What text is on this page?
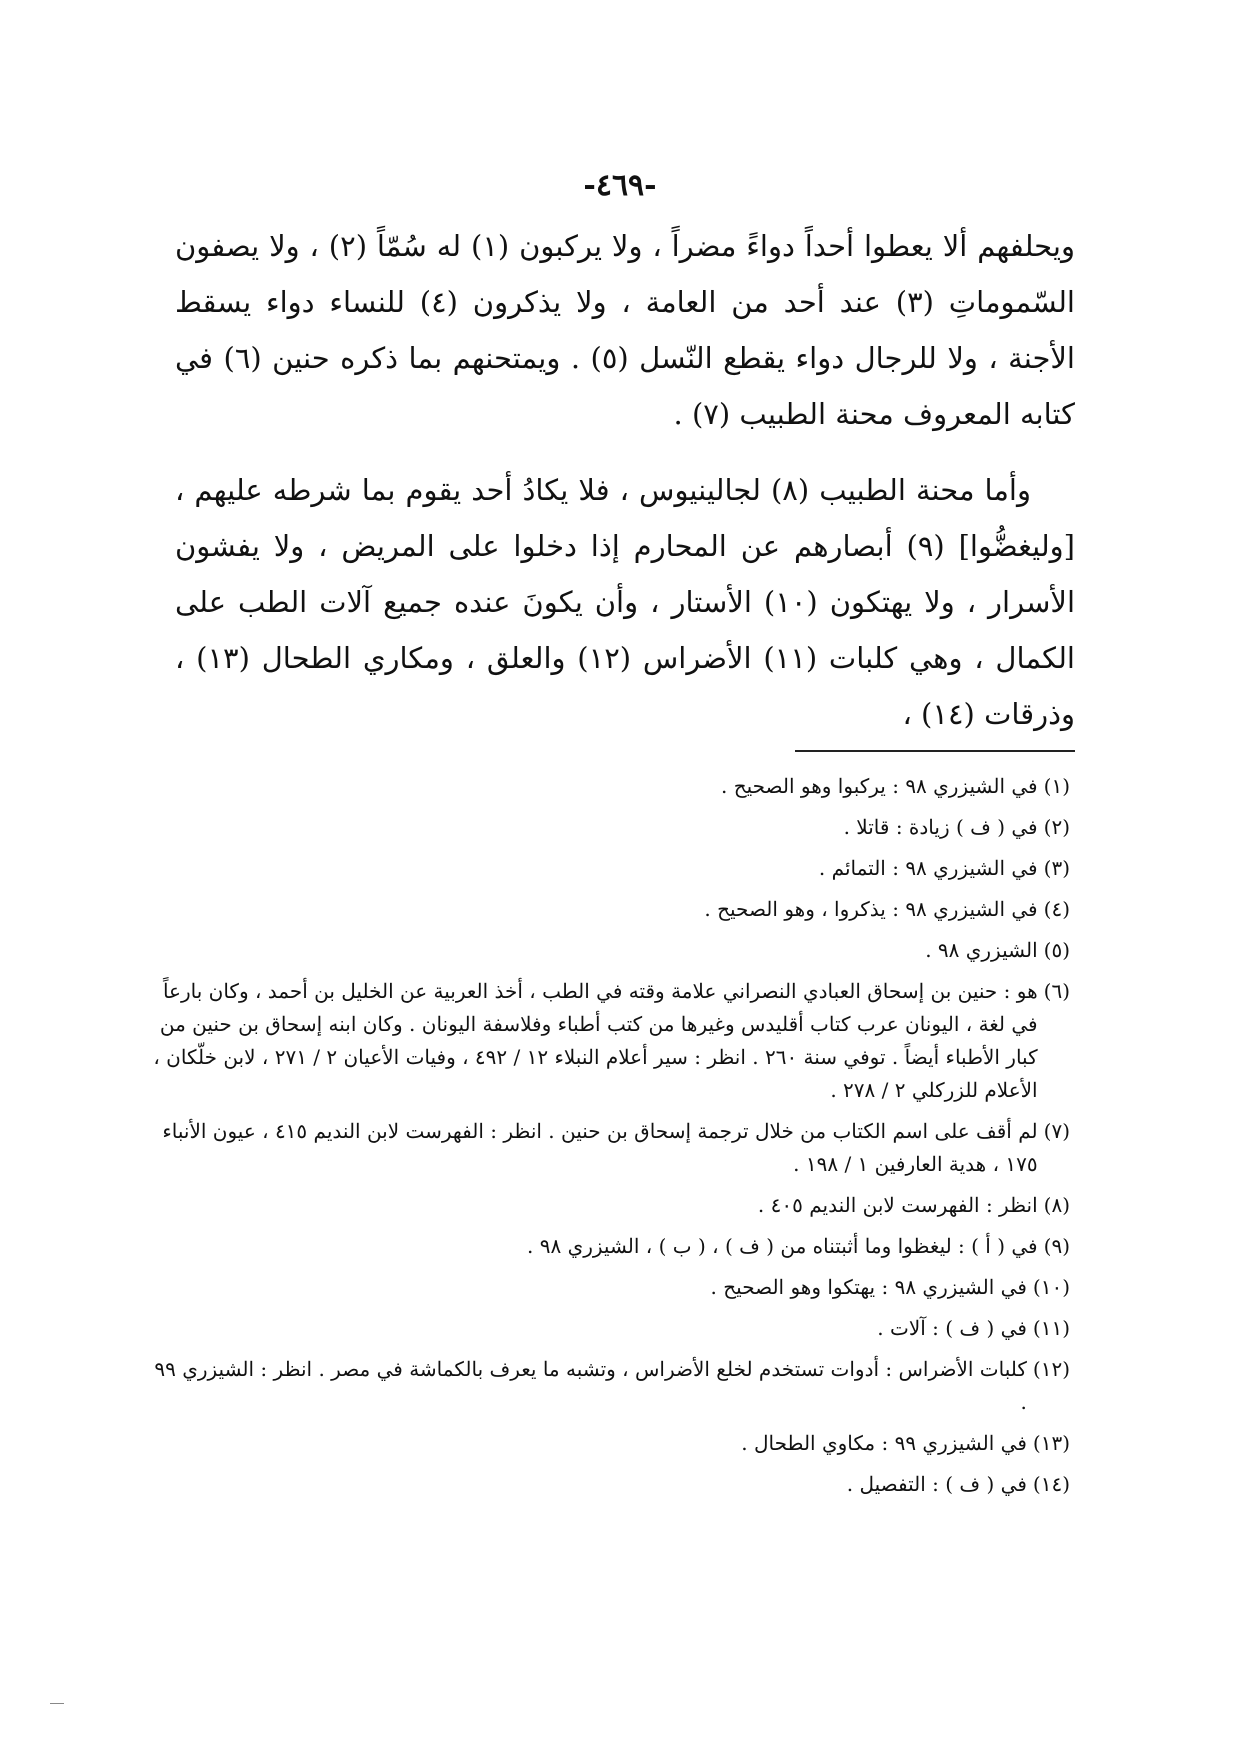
-٤٦٩-

ويحلفهم ألا يعطوا أحداً دواءً مضراً ، ولا يركبون (١) له سُمّاً (٢) ، ولا يصفون السّموماتِ (٣) عند أحد من العامة ، ولا يذكرون (٤) للنساء دواء يسقط الأجنة ، ولا للرجال دواء يقطع النّسل (٥) . ويمتحنهم بما ذكره حنين (٦) في كتابه المعروف محنة الطبيب (٧) .

وأما محنة الطبيب (٨) لجالينيوس ، فلا يكادُ أحد يقوم بما شرطه عليهم ، [وليغضُّوا] (٩) أبصارهم عن المحارم إذا دخلوا على المريض ، ولا يفشون الأسرار ، ولا يهتكون (١٠) الأستار ، وأن يكونَ عنده جميع آلات الطب على الكمال ، وهي كلبات (١١) الأضراس (١٢) والعلق ، ومكاري الطحال (١٣) ، وذرقات (١٤) ،

(١)
في الشيزري ٩٨ : يركبوا وهو الصحيح .
(٢)
في ( ف ) زيادة : قاتلا .
(٣)
في الشيزري ٩٨ : التمائم .
(٤)
في الشيزري ٩٨ : يذكروا ، وهو الصحيح .
(٥)
الشيزري ٩٨ .
(٦)
هو : حنين بن إسحاق العبادي النصراني علامة وقته في الطب ، أخذ العربية عن الخليل بن أحمد ، وكان بارعاً في لغة ، اليونان عرب كتاب أقليدس وغيرها من كتب أطباء وفلاسفة اليونان . وكان ابنه إسحاق بن حنين من كبار الأطباء أيضاً . توفي سنة ٢٦٠ . انظر : سير أعلام النبلاء ١٢ / ٤٩٢ ، وفيات الأعيان ٢ / ٢٧١ ، لابن خلّكان ، الأعلام للزركلي ٢ / ٢٧٨ .
(٧)
لم أقف على اسم الكتاب من خلال ترجمة إسحاق بن حنين . انظر : الفهرست لابن النديم ٤١٥ ، عيون الأنباء ١٧٥ ، هدية العارفين ١ / ١٩٨ .
(٨)
انظر : الفهرست لابن النديم ٤٠٥ .
(٩)
في ( أ ) : ليغظوا وما أثبتناه من ( ف ) ، ( ب ) ، الشيزري ٩٨ .
(١٠)
في الشيزري ٩٨ : يهتكوا وهو الصحيح .
(١١)
في ( ف ) : آلات .
(١٢)
كلبات الأضراس : أدوات تستخدم لخلع الأضراس ، وتشبه ما يعرف بالكماشة في مصر . انظر : الشيزري ٩٩ .
(١٣)
في الشيزري ٩٩ : مكاوي الطحال .
(١٤)
في ( ف ) : التفصيل .
